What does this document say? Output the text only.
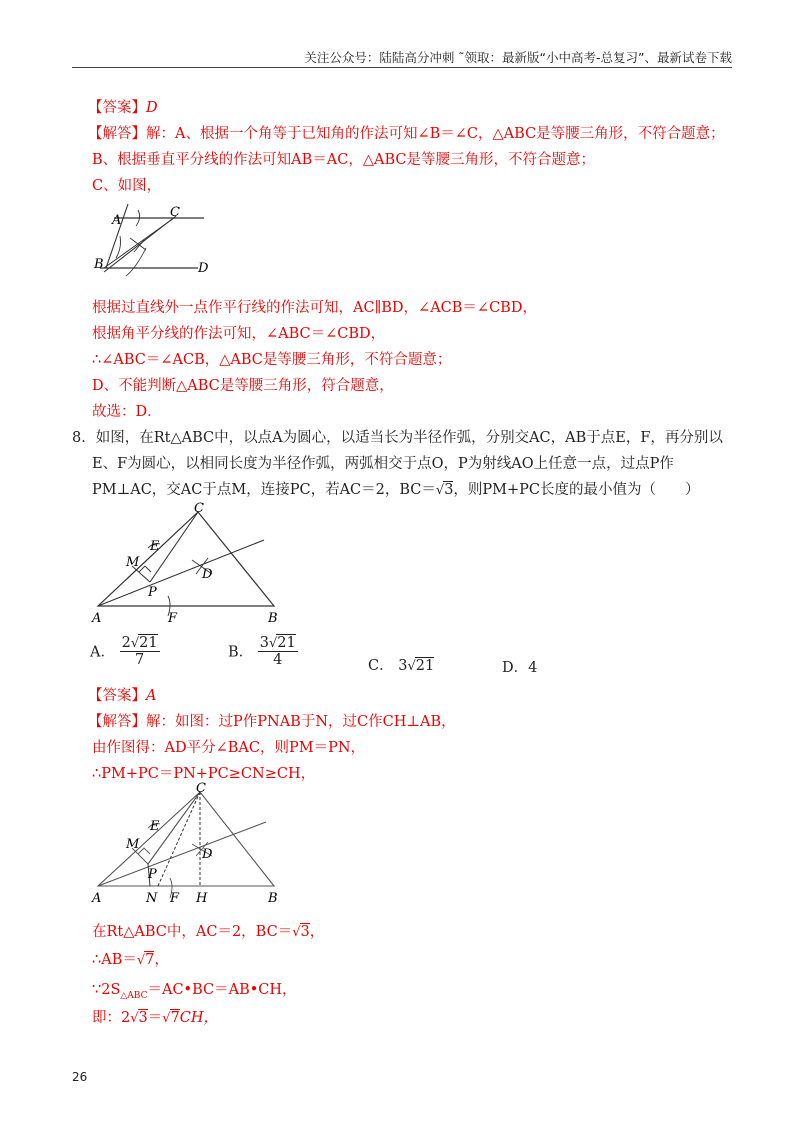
关注公众号：陆陆高分冲刺 ˜领取：最新版“小中高考-总复习”、最新试卷下载
【答案】D
【解答】解：A、根据一个角等于已知角的作法可知∠B＝∠C，△ABC是等腰三角形，不符合题意；
B、根据垂直平分线的作法可知AB＝AC，△ABC是等腰三角形，不符合题意；
C、如图，
A
C
B	D
根据过直线外一点作平行线的作法可知，AC∥BD，∠ACB＝∠CBD，
根据角平分线的作法可知，∠ABC＝∠CBD，
∴∠ABC＝∠ACB，△ABC是等腰三角形，不符合题意；
D、不能判断△ABC是等腰三角形，符合题意，
故选：D．
8．如图，在Rt△ABC中，以点A为圆心，以适当长为半径作弧，分别交AC，AB于点E，F，再分别以
E、F为圆心，以相同长度为半径作弧，两弧相交于点O，P为射线AO上任意一点，过点P作
PM⊥AC，交AC于点M，连接PC，若AC＝2，BC＝√3，则PM+PC长度的最小值为（　　）
C
E
M
D
P
A	F	B
A． $\frac{2√21}{7}$	B． $\frac{3√21}{4}$	C． 3√21	D．4
【答案】A
【解答】解：如图：过P作PNAB于N，过C作CH⊥AB，
由作图得：AD平分∠BAC，则PM＝PN，
∴PM+PC＝PN+PC≥CN≥CH，
C
E
M
D
P
A	N F H	B
在Rt△ABC中，AC＝2，BC＝√3，
∴AB＝√7，
$\because 2S_{\triangle ABC}=AC•BC=AB•CH$，
即：2√3＝√7CH，
26
